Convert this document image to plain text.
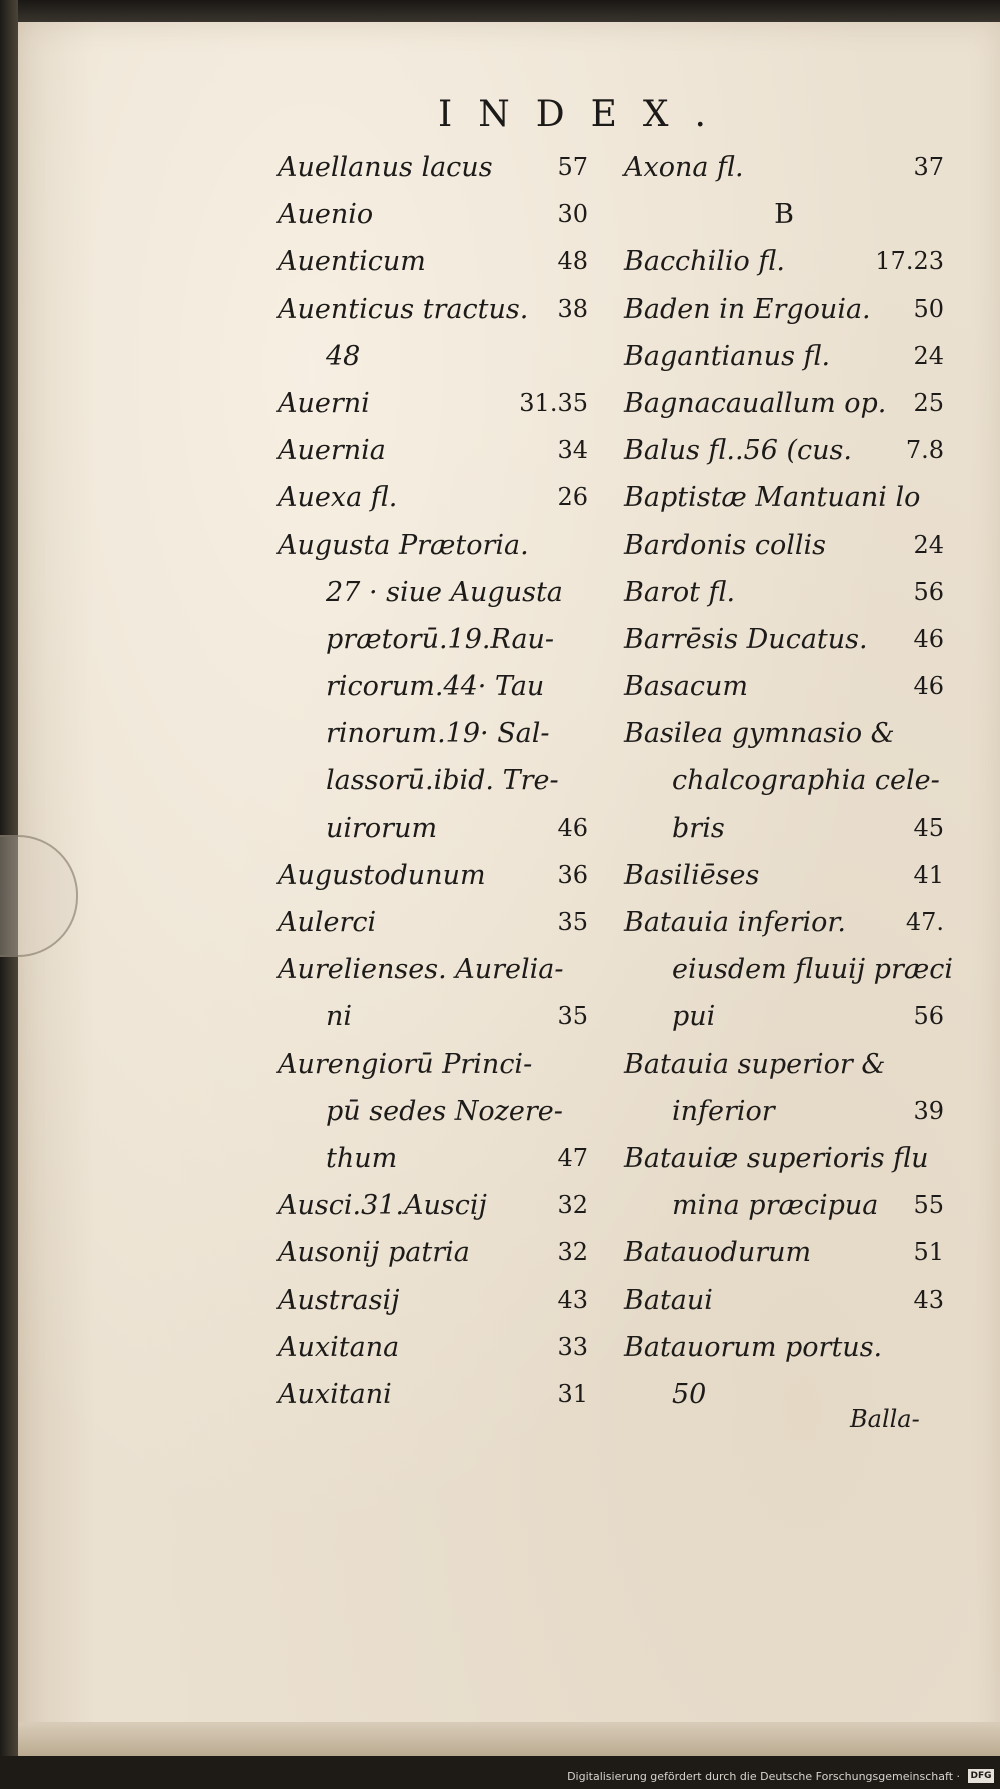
INDEX.
Auellanus lacus	57
Auenio	30
Auenticum	48
Auenticus tractus. 38
48
Auerni	31.35
Auernia	34
Auexa fl.	26
Augusta Prætoria.
27 · siue Augusta
prætorū.19.Rau-
ricorum.44· Tau
rinorum.19· Sal-
lassorū.ibid. Tre-
uirorum	46
Augustodunum	36
Aulerci	35
Aurelienses. Aurelia-
ni	35
Aurengiorū Princi-
pū sedes Nozere-
thum	47
Ausci.31.Auscij	32
Ausonij patria	32
Austrasij	43
Auxitana	33
Auxitani	31
Axona fl.	37
B
Bacchilio fl.	17.23
Baden in Ergouia. 50
Bagantianus fl.	24
Bagnacauallum op. 25
Balus fl..56 (cus. 7.8
Baptistæ Mantuani lo
Bardonis collis	24
Barot fl.	56
Barrēsis Ducatus. 46
Basacum	46
Basilea gymnasio &
chalcographia cele-
bris	45
Basiliēses	41
Batauia inferior. 47.
eiusdem fluuij præci
pui	56
Batauia superior &
inferior	39
Batauiæ superioris flu
mina præcipua 55
Batauodurum	51
Bataui	43
Batauorum portus.
50
Balla-
Digitalisierung gefördert durch die Deutsche Forschungsgemeinschaft · DFG
